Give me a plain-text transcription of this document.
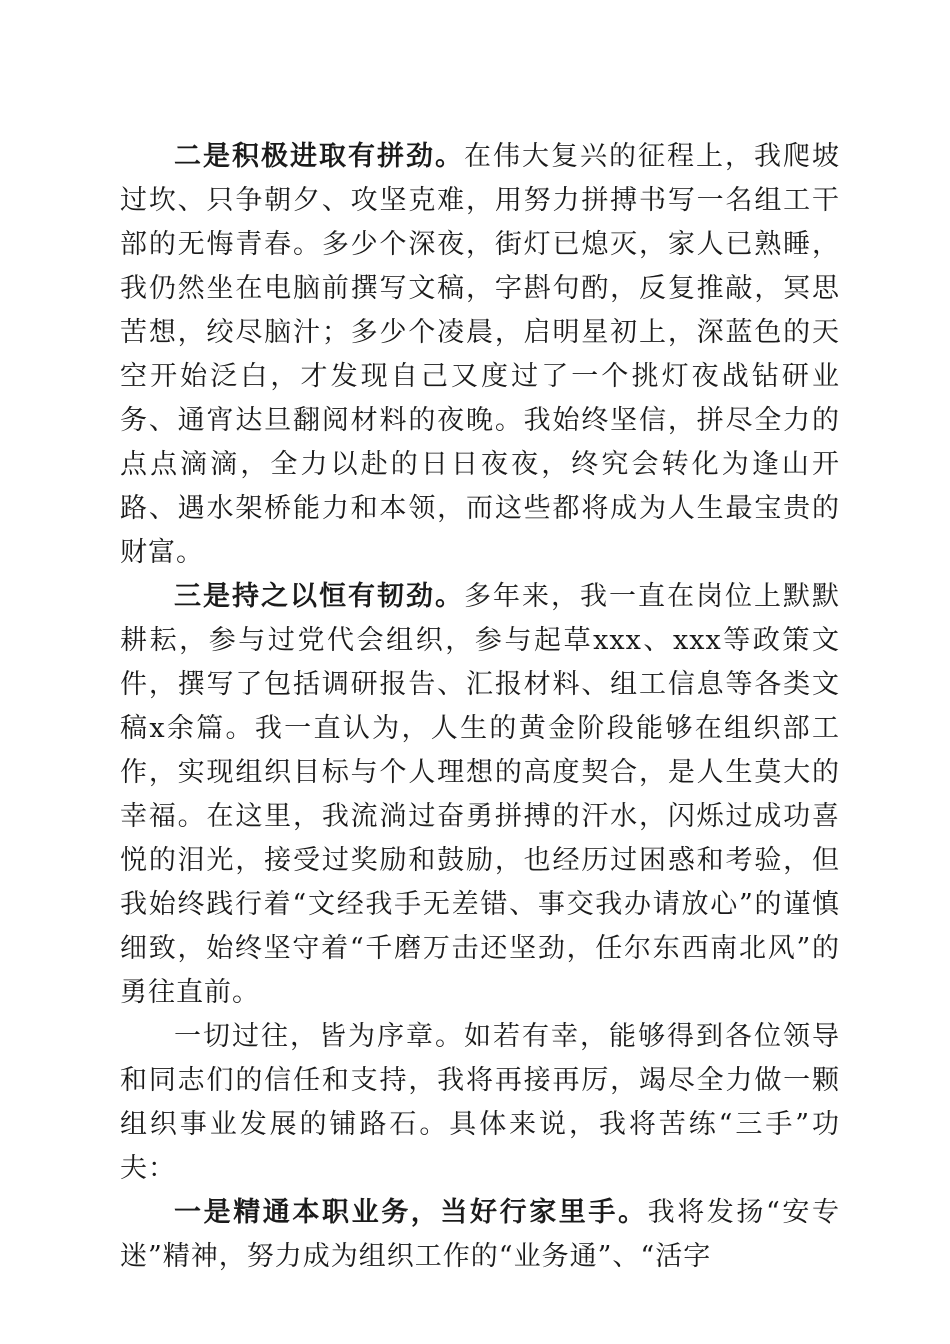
二是积极进取有拼劲。在伟大复兴的征程上，我爬坡过坎、只争朝夕、攻坚克难，用努力拼搏书写一名组工干部的无悔青春。多少个深夜，街灯已熄灭，家人已熟睡，我仍然坐在电脑前撰写文稿，字斟句酌，反复推敲，冥思苦想，绞尽脑汁；多少个凌晨，启明星初上，深蓝色的天空开始泛白，才发现自己又度过了一个挑灯夜战钻研业务、通宵达旦翻阅材料的夜晚。我始终坚信，拼尽全力的点点滴滴，全力以赴的日日夜夜，终究会转化为逢山开路、遇水架桥能力和本领，而这些都将成为人生最宝贵的财富。

三是持之以恒有韧劲。多年来，我一直在岗位上默默耕耘，参与过党代会组织，参与起草xxx、xxx等政策文件，撰写了包括调研报告、汇报材料、组工信息等各类文稿x余篇。我一直认为，人生的黄金阶段能够在组织部工作，实现组织目标与个人理想的高度契合，是人生莫大的幸福。在这里，我流淌过奋勇拼搏的汗水，闪烁过成功喜悦的泪光，接受过奖励和鼓励，也经历过困惑和考验，但我始终践行着“文经我手无差错、事交我办请放心”的谨慎细致，始终坚守着“千磨万击还坚劲，任尔东西南北风”的勇往直前。

一切过往，皆为序章。如若有幸，能够得到各位领导和同志们的信任和支持，我将再接再厉，竭尽全力做一颗组织事业发展的铺路石。具体来说，我将苦练“三手”功夫：

一是精通本职业务，当好行家里手。我将发扬“安专迷”精神，努力成为组织工作的“业务通”、“活字
